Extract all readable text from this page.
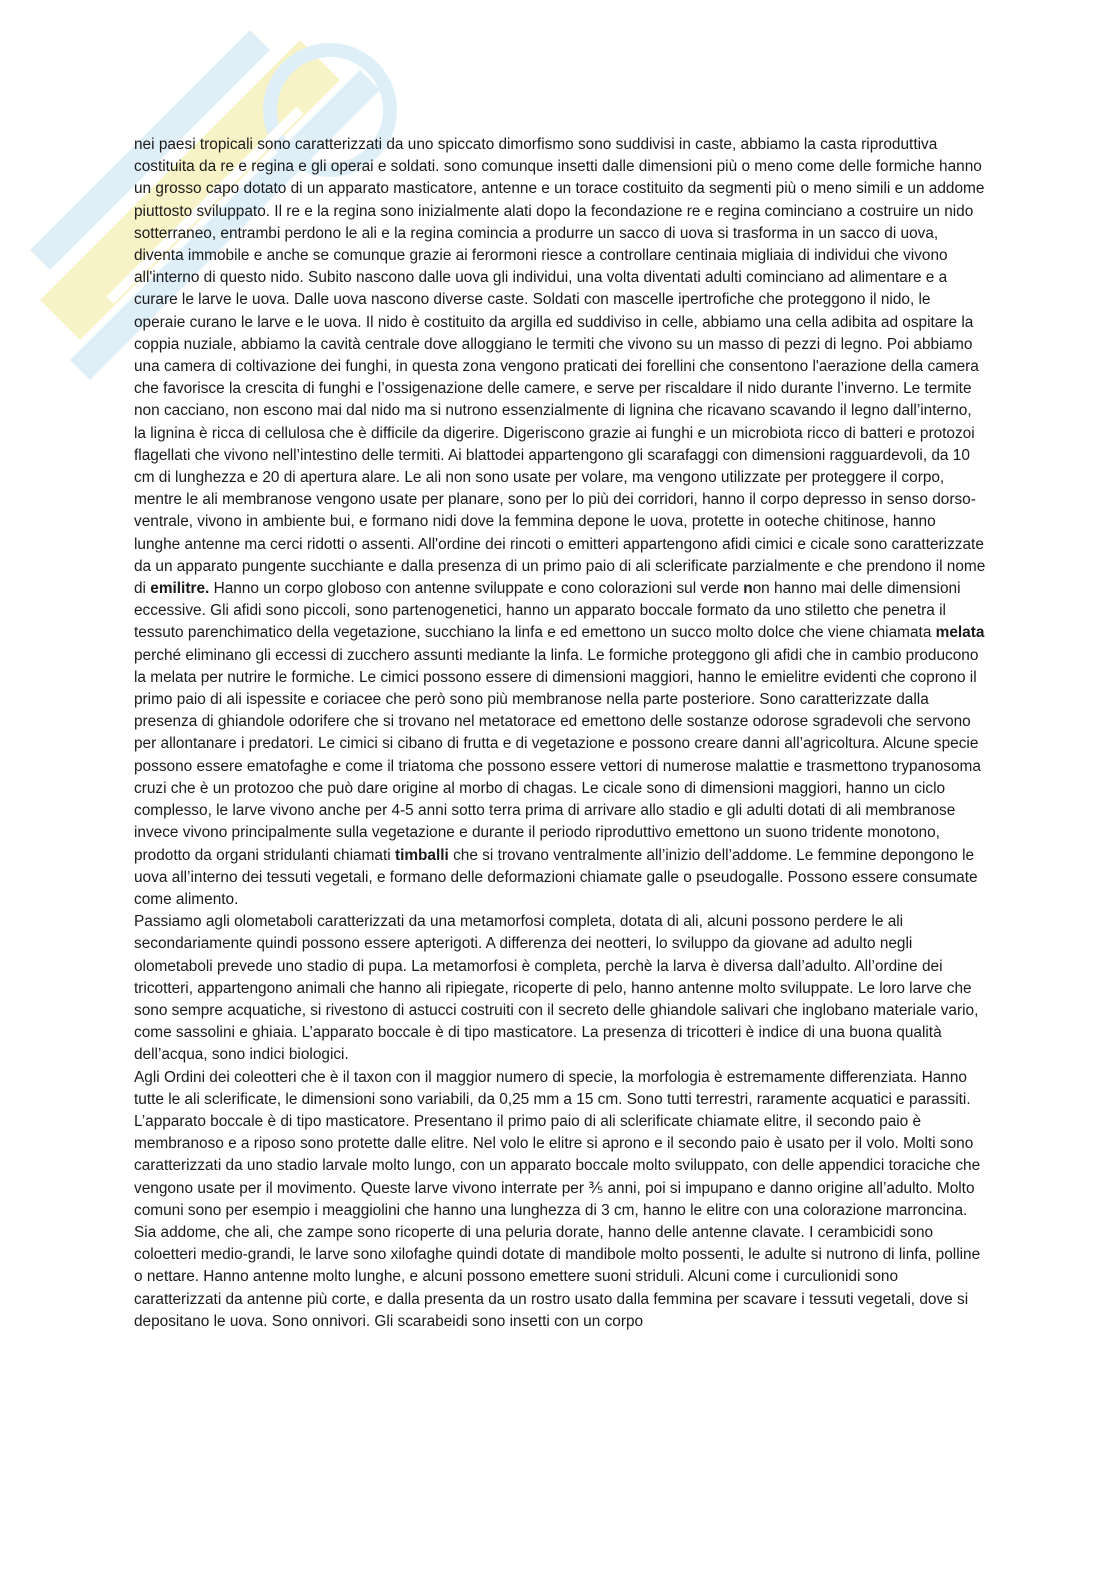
nei paesi tropicali sono caratterizzati da uno spiccato dimorfismo sono suddivisi in caste, abbiamo la casta riproduttiva costituita da re e regina e gli operai e soldati. sono comunque insetti dalle dimensioni più o meno come delle formiche hanno un grosso capo dotato di un apparato masticatore, antenne e un torace costituito da segmenti più o meno simili e un addome piuttosto sviluppato. Il re e la regina sono inizialmente alati dopo la fecondazione re e regina cominciano a costruire un nido sotterraneo, entrambi perdono le ali e la regina comincia a produrre un sacco di uova si trasforma in un sacco di uova, diventa immobile e anche se comunque grazie ai ferormoni riesce a controllare centinaia migliaia di individui che vivono all'interno di questo nido. Subito nascono dalle uova gli individui, una volta diventati adulti cominciano ad alimentare e a curare le larve le uova. Dalle uova nascono diverse caste. Soldati con mascelle ipertrofiche che proteggono il nido, le operaie curano le larve e le uova. Il nido è costituito da argilla ed suddiviso in celle, abbiamo una cella adibita ad ospitare la coppia nuziale, abbiamo la cavità centrale dove alloggiano le termiti che vivono su un masso di pezzi di legno. Poi abbiamo una camera di coltivazione dei funghi, in questa zona vengono praticati dei forellini che consentono l'aerazione della camera che favorisce la crescita di funghi e l’ossigenazione delle camere, e serve per riscaldare il nido durante l’inverno. Le termite non cacciano, non escono mai dal nido ma si nutrono essenzialmente di lignina che ricavano scavando il legno dall’interno, la lignina è ricca di cellulosa che è difficile da digerire. Digeriscono grazie ai funghi e un microbiota ricco di batteri e protozoi flagellati che vivono nell’intestino delle termiti. Ai blattodei appartengono gli scarafaggi con dimensioni ragguardevoli, da 10 cm di lunghezza e 20 di apertura alare. Le ali non sono usate per volare, ma vengono utilizzate per proteggere il corpo, mentre le ali membranose vengono usate per planare, sono per lo più dei corridori, hanno il corpo depresso in senso dorso-ventrale, vivono in ambiente bui, e formano nidi dove la femmina depone le uova, protette in ooteche chitinose, hanno lunghe antenne ma cerci ridotti o assenti. All'ordine dei rincoti o emitteri appartengono afidi cimici e cicale sono caratterizzate da un apparato pungente succhiante e dalla presenza di un primo paio di ali sclerificate parzialmente e che prendono il nome di emilitre. Hanno un corpo globoso con antenne sviluppate e cono colorazioni sul verde non hanno mai delle dimensioni eccessive. Gli afidi sono piccoli, sono partenogenetici, hanno un apparato boccale formato da uno stiletto che penetra il tessuto parenchimatico della vegetazione, succhiano la linfa e ed emettono un succo molto dolce che viene chiamata melata perché eliminano gli eccessi di zucchero assunti mediante la linfa. Le formiche proteggono gli afidi che in cambio producono la melata per nutrire le formiche. Le cimici possono essere di dimensioni maggiori, hanno le emielitre evidenti che coprono il primo paio di ali ispessite e coriacee che però sono più membranose nella parte posteriore. Sono caratterizzate dalla presenza di ghiandole odorifere che si trovano nel metatorace ed emettono delle sostanze odorose sgradevoli che servono per allontanare i predatori. Le cimici si cibano di frutta e di vegetazione e possono creare danni all’agricoltura. Alcune specie possono essere ematofaghe e come il triatoma che possono essere vettori di numerose malattie e trasmettono trypanosoma cruzi che è un protozoo che può dare origine al morbo di chagas. Le cicale sono di dimensioni maggiori, hanno un ciclo complesso, le larve vivono anche per 4-5 anni sotto terra prima di arrivare allo stadio e gli adulti dotati di ali membranose invece vivono principalmente sulla vegetazione e durante il periodo riproduttivo emettono un suono tridente monotono, prodotto da organi stridulanti chiamati timballi che si trovano ventralmente all’inizio dell’addome. Le femmine depongono le uova all’interno dei tessuti vegetali, e formano delle deformazioni chiamate galle o pseudogalle. Possono essere consumate come alimento.

Passiamo agli olometaboli caratterizzati da una metamorfosi completa, dotata di ali, alcuni possono perdere le ali secondariamente quindi possono essere apterigoti. A differenza dei neotteri, lo sviluppo da giovane ad adulto negli olometaboli prevede uno stadio di pupa. La metamorfosi è completa, perchè la larva è diversa dall’adulto. All’ordine dei tricotteri, appartengono animali che hanno ali ripiegate, ricoperte di pelo, hanno antenne molto sviluppate. Le loro larve che sono sempre acquatiche, si rivestono di astucci costruiti con il secreto delle ghiandole salivari che inglobano materiale vario, come sassolini e ghiaia. L’apparato boccale è di tipo masticatore. La presenza di tricotteri è indice di una buona qualità dell’acqua, sono indici biologici.

Agli Ordini dei coleotteri che è il taxon con il maggior numero di specie, la morfologia è estremamente differenziata. Hanno tutte le ali sclerificate, le dimensioni sono variabili, da 0,25 mm a 15 cm. Sono tutti terrestri, raramente acquatici e parassiti. L’apparato boccale è di tipo masticatore. Presentano il primo paio di ali sclerificate chiamate elitre, il secondo paio è membranoso e a riposo sono protette dalle elitre. Nel volo le elitre si aprono e il secondo paio è usato per il volo. Molti sono caratterizzati da uno stadio larvale molto lungo, con un apparato boccale molto sviluppato, con delle appendici toraciche che vengono usate per il movimento. Queste larve vivono interrate per ⅗ anni, poi si impupano e danno origine all’adulto. Molto comuni sono per esempio i meaggiolini che hanno una lunghezza di 3 cm, hanno le elitre con una colorazione marroncina. Sia addome, che ali, che zampe sono ricoperte di una peluria dorate, hanno delle antenne clavate. I cerambicidi sono coloetteri medio-grandi, le larve sono xilofaghe quindi dotate di mandibole molto possenti, le adulte si nutrono di linfa, polline o nettare. Hanno antenne molto lunghe, e alcuni possono emettere suoni striduli. Alcuni come i curculionidi sono caratterizzati da antenne più corte, e dalla presenta da un rostro usato dalla femmina per scavare i tessuti vegetali, dove si depositano le uova. Sono onnivori. Gli scarabeidi sono insetti con un corpo
